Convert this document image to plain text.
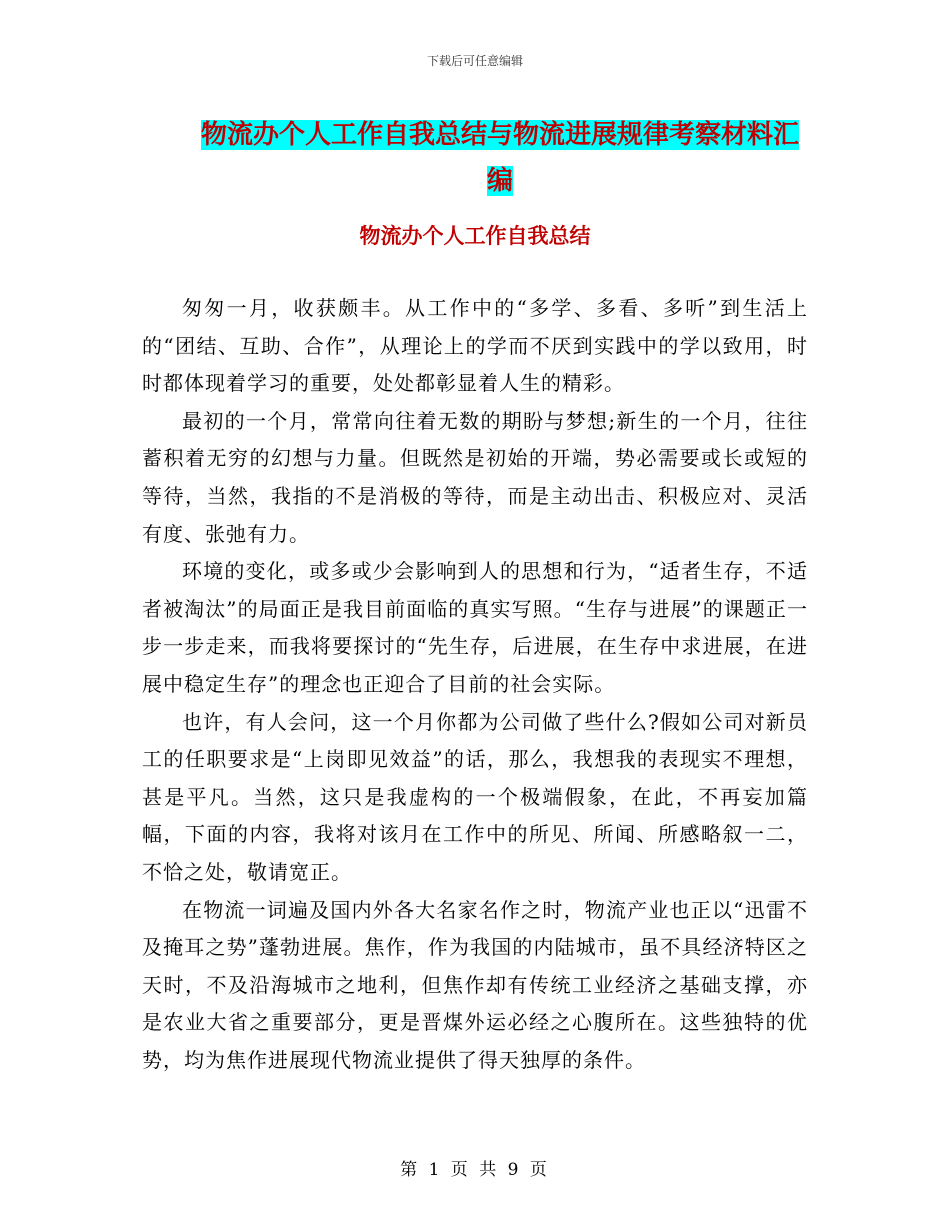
下载后可任意编辑
物流办个人工作自我总结与物流进展规律考察材料汇编
物流办个人工作自我总结

匆匆一月，收获颇丰。从工作中的“多学、多看、多听”到生活上的“团结、互助、合作”，从理论上的学而不厌到实践中的学以致用，时时都体现着学习的重要，处处都彰显着人生的精彩。

最初的一个月，常常向往着无数的期盼与梦想;新生的一个月，往往蓄积着无穷的幻想与力量。但既然是初始的开端，势必需要或长或短的等待，当然，我指的不是消极的等待，而是主动出击、积极应对、灵活有度、张弛有力。

环境的变化，或多或少会影响到人的思想和行为，“适者生存，不适者被淘汰”的局面正是我目前面临的真实写照。“生存与进展”的课题正一步一步走来，而我将要探讨的“先生存，后进展，在生存中求进展，在进展中稳定生存”的理念也正迎合了目前的社会实际。

也许，有人会问，这一个月你都为公司做了些什么?假如公司对新员工的任职要求是“上岗即见效益”的话，那么，我想我的表现实不理想，甚是平凡。当然，这只是我虚构的一个极端假象，在此，不再妄加篇幅，下面的内容，我将对该月在工作中的所见、所闻、所感略叙一二，不恰之处，敬请宽正。

在物流一词遍及国内外各大名家名作之时，物流产业也正以“迅雷不及掩耳之势”蓬勃进展。焦作，作为我国的内陆城市，虽不具经济特区之天时，不及沿海城市之地利，但焦作却有传统工业经济之基础支撑，亦是农业大省之重要部分，更是晋煤外运必经之心腹所在。这些独特的优势，均为焦作进展现代物流业提供了得天独厚的条件。

第 1 页 共 9 页
